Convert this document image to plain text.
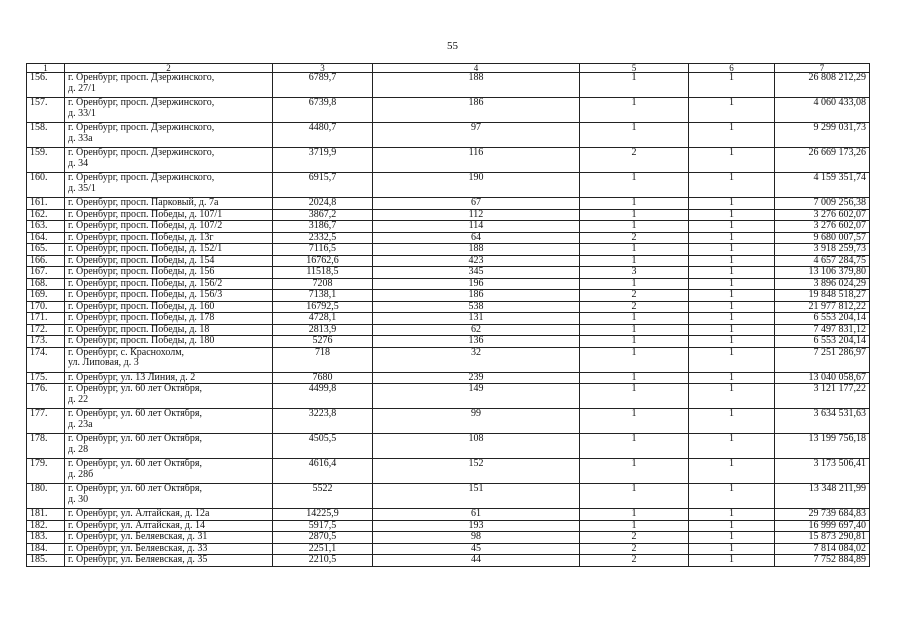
55
1	2	3	4	5	6	7
156.	г. Оренбург, просп. Дзержинского,
д. 27/1	6789,7	188	1	1	26 808 212,29
157.	г. Оренбург, просп. Дзержинского,
д. 33/1	6739,8	186	1	1	4 060 433,08
158.	г. Оренбург, просп. Дзержинского,
д. 33а	4480,7	97	1	1	9 299 031,73
159.	г. Оренбург, просп. Дзержинского,
д. 34	3719,9	116	2	1	26 669 173,26
160.	г. Оренбург, просп. Дзержинского,
д. 35/1	6915,7	190	1	1	4 159 351,74
161.	г. Оренбург, просп. Парковый, д. 7а	2024,8	67	1	1	7 009 256,38
162.	г. Оренбург, просп. Победы, д. 107/1	3867,2	112	1	1	3 276 602,07
163.	г. Оренбург, просп. Победы, д. 107/2	3186,7	114	1	1	3 276 602,07
164.	г. Оренбург, просп. Победы, д. 13г	2332,5	64	2	1	9 680 007,57
165.	г. Оренбург, просп. Победы, д. 152/1	7116,5	188	1	1	3 918 259,73
166.	г. Оренбург, просп. Победы, д. 154	16762,6	423	1	1	4 657 284,75
167.	г. Оренбург, просп. Победы, д. 156	11518,5	345	3	1	13 106 379,80
168.	г. Оренбург, просп. Победы, д. 156/2	7208	196	1	1	3 896 024,29
169.	г. Оренбург, просп. Победы, д. 156/3	7138,1	186	2	1	19 848 518,27
170.	г. Оренбург, просп. Победы, д. 160	16792,5	538	2	1	21 977 812,22
171.	г. Оренбург, просп. Победы, д. 178	4728,1	131	1	1	6 553 204,14
172.	г. Оренбург, просп. Победы, д. 18	2813,9	62	1	1	7 497 831,12
173.	г. Оренбург, просп. Победы, д. 180	5276	136	1	1	6 553 204,14
174.	г. Оренбург, с. Краснохолм,
ул. Липовая, д. 3	718	32	1	1	7 251 286,97
175.	г. Оренбург, ул. 13 Линия, д. 2	7680	239	1	1	13 040 058,67
176.	г. Оренбург, ул. 60 лет Октября,
д. 22	4499,8	149	1	1	3 121 177,22
177.	г. Оренбург, ул. 60 лет Октября,
д. 23а	3223,8	99	1	1	3 634 531,63
178.	г. Оренбург, ул. 60 лет Октября,
д. 28	4505,5	108	1	1	13 199 756,18
179.	г. Оренбург, ул. 60 лет Октября,
д. 28б	4616,4	152	1	1	3 173 506,41
180.	г. Оренбург, ул. 60 лет Октября,
д. 30	5522	151	1	1	13 348 211,99
181.	г. Оренбург, ул. Алтайская, д. 12а	14225,9	61	1	1	29 739 684,83
182.	г. Оренбург, ул. Алтайская, д. 14	5917,5	193	1	1	16 999 697,40
183.	г. Оренбург, ул. Беляевская, д. 31	2870,5	98	2	1	15 873 290,81
184.	г. Оренбург, ул. Беляевская, д. 33	2251,1	45	2	1	7 814 084,02
185.	г. Оренбург, ул. Беляевская, д. 35	2210,5	44	2	1	7 752 884,89
